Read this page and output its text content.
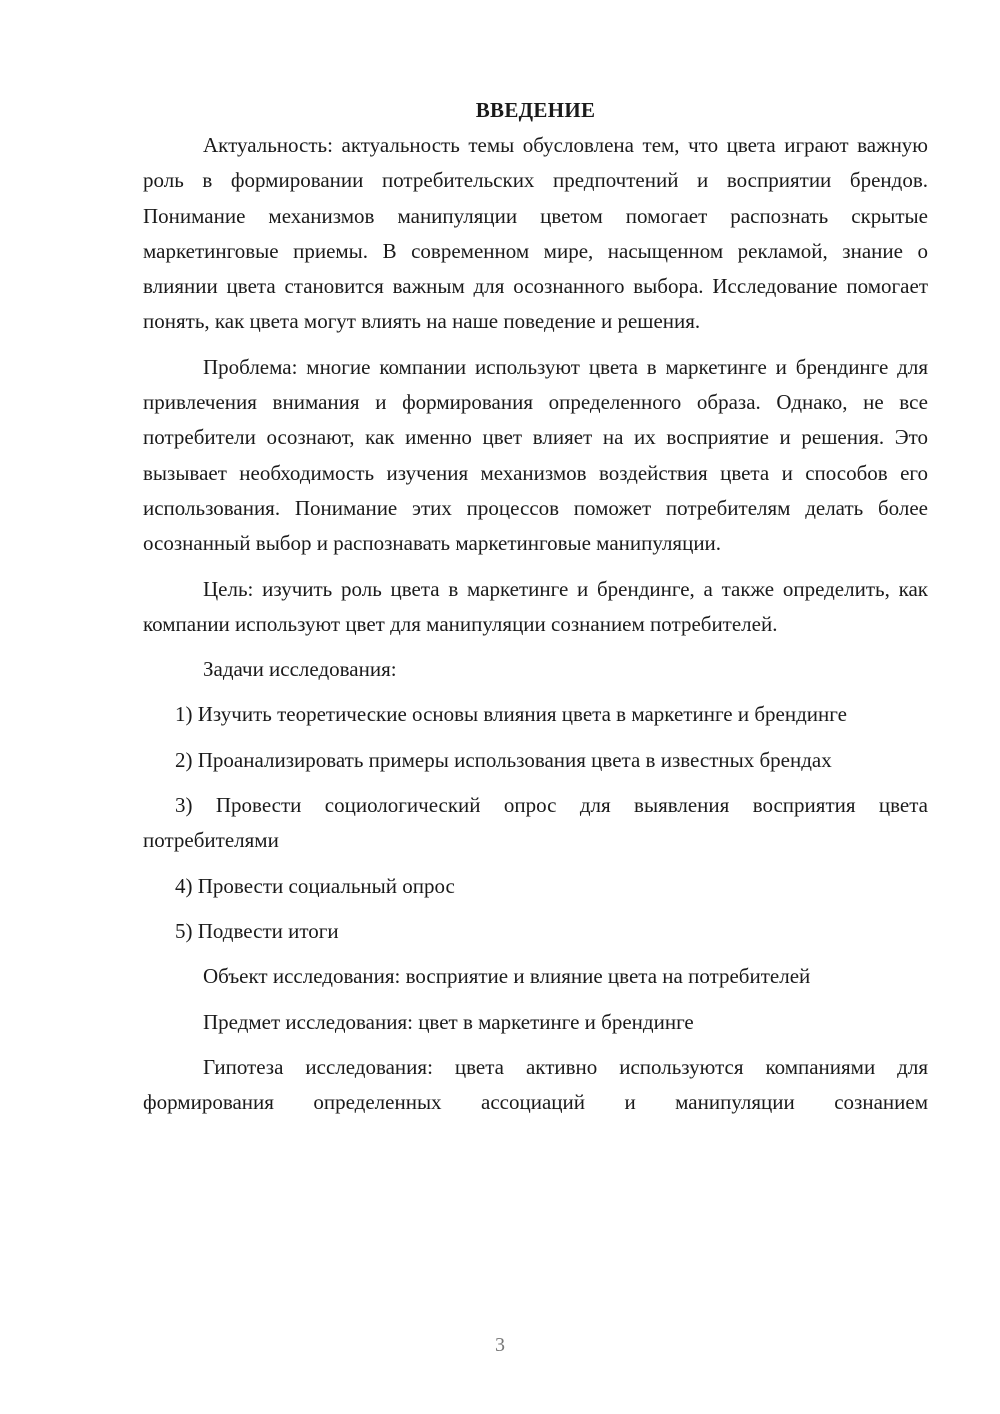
ВВЕДЕНИЕ

Актуальность: актуальность темы обусловлена тем, что цвета играют важную роль в формировании потребительских предпочтений и восприятии брендов. Понимание механизмов манипуляции цветом помогает распознать скрытые маркетинговые приемы. В современном мире, насыщенном рекламой, знание о влиянии цвета становится важным для осознанного выбора. Исследование помогает понять, как цвета могут влиять на наше поведение и решения.

Проблема: многие компании используют цвета в маркетинге и брендинге для привлечения внимания и формирования определенного образа. Однако, не все потребители осознают, как именно цвет влияет на их восприятие и решения. Это вызывает необходимость изучения механизмов воздействия цвета и способов его использования. Понимание этих процессов поможет потребителям делать более осознанный выбор и распознавать маркетинговые манипуляции.

Цель: изучить роль цвета в маркетинге и брендинге, а также определить, как компании используют цвет для манипуляции сознанием потребителей.

Задачи исследования:

1) Изучить теоретические основы влияния цвета в маркетинге и брендинге

2) Проанализировать примеры использования цвета в известных брендах

3) Провести социологический опрос для выявления восприятия цвета потребителями

4) Провести социальный опрос

5) Подвести итоги

Объект исследования: восприятие и влияние цвета на потребителей

Предмет исследования: цвет в маркетинге и брендинге

Гипотеза исследования: цвета активно используются компаниями для формирования определенных ассоциаций и манипуляции сознанием

3
